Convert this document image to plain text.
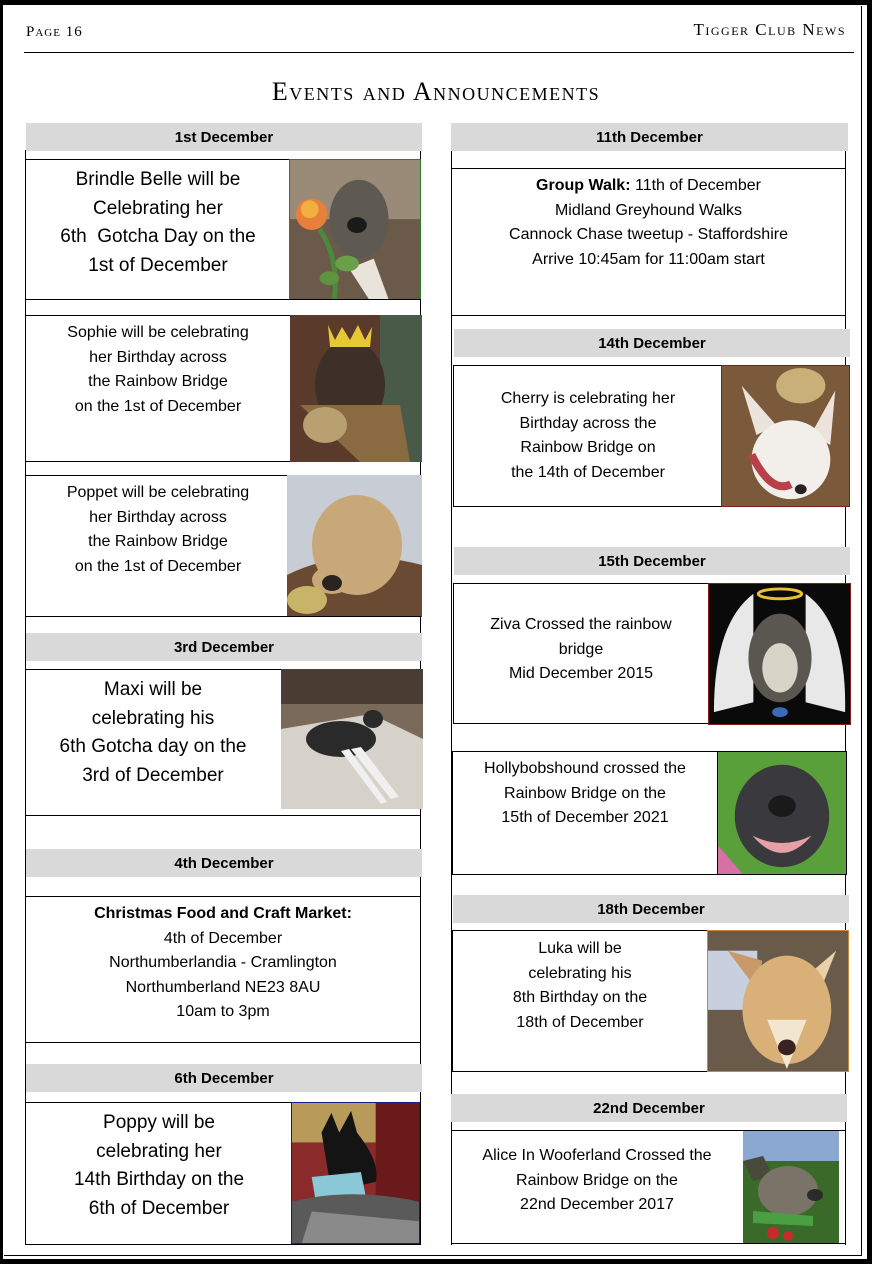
Page 16	Tigger Club News
Events and Announcements
1st December
Brindle Belle will be
Celebrating her
6th  Gotcha Day on the
1st of December
Sophie will be celebrating
her Birthday across
the Rainbow Bridge
on the 1st of December
Poppet will be celebrating
her Birthday across
the Rainbow Bridge
on the 1st of December
3rd December
Maxi will be
celebrating his
6th Gotcha day on the
3rd of December
4th December
Christmas Food and Craft Market:
4th of December
Northumberlandia - Cramlington
Northumberland NE23 8AU
10am to 3pm
6th December
Poppy will be
celebrating her
14th Birthday on the
6th of December
11th December
Group Walk: 11th of December
Midland Greyhound Walks
Cannock Chase tweetup - Staffordshire
Arrive 10:45am for 11:00am start
14th December
Cherry is celebrating her
Birthday across the
Rainbow Bridge on
the 14th of December
15th December
Ziva Crossed the rainbow
bridge
Mid December 2015
Hollybobshound crossed the
Rainbow Bridge on the
15th of December 2021
18th December
Luka will be
celebrating his
8th Birthday on the
18th of December
22nd December
Alice In Wooferland Crossed the
Rainbow Bridge on the
22nd December 2017
